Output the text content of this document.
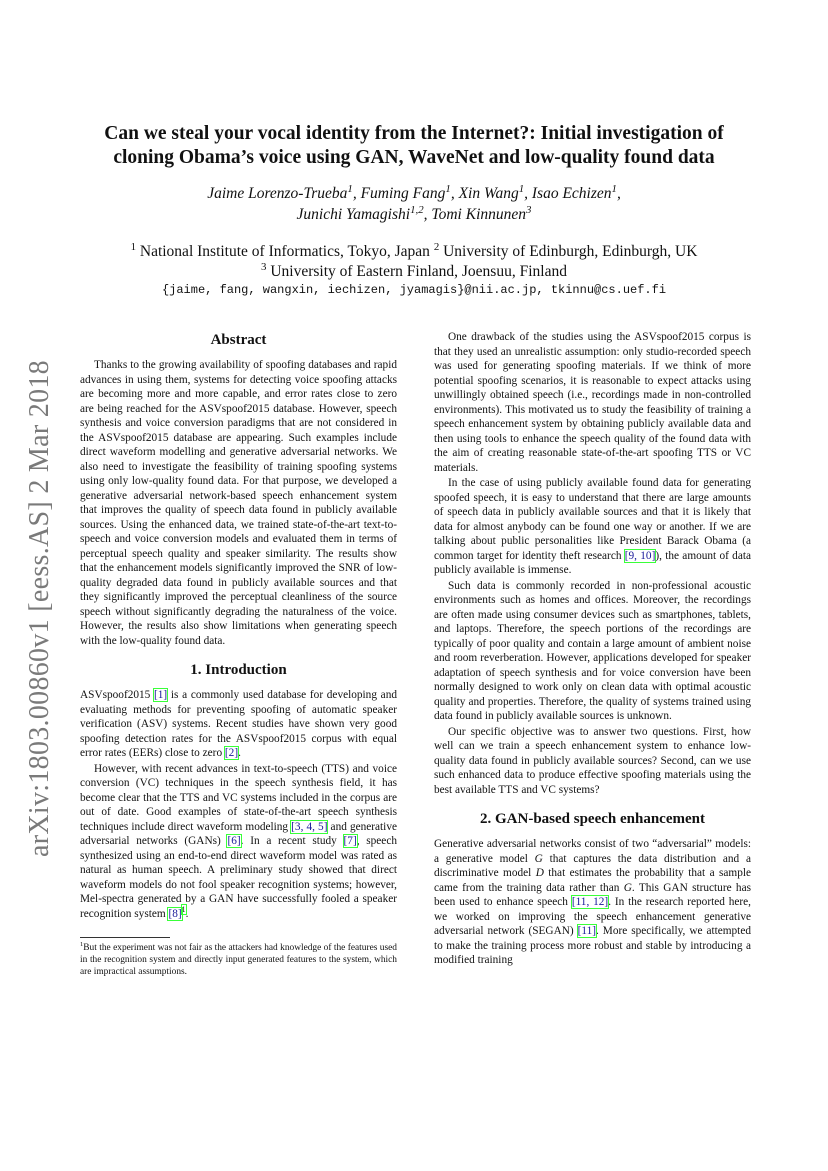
arXiv:1803.00860v1 [eess.AS] 2 Mar 2018
Can we steal your vocal identity from the Internet?: Initial investigation of
cloning Obama’s voice using GAN, WaveNet and low-quality found data
Jaime Lorenzo-Trueba$^1$, Fuming Fang$^1$, Xin Wang$^1$, Isao Echizen$^1$,
Junichi Yamagishi$^{1,2}$, Tomi Kinnunen$^3$
$^1$ National Institute of Informatics, Tokyo, Japan $^2$ University of Edinburgh, Edinburgh, UK
$^3$ University of Eastern Finland, Joensuu, Finland
{jaime, fang, wangxin, iechizen, jyamagis}@nii.ac.jp, tkinnu@cs.uef.fi
Abstract

Thanks to the growing availability of spoofing databases and rapid advances in using them, systems for detecting voice spoofing attacks are becoming more and more capable, and error rates close to zero are being reached for the ASVspoof2015 database. However, speech synthesis and voice conversion paradigms that are not considered in the ASVspoof2015 database are appearing. Such examples include direct waveform modelling and generative adversarial networks. We also need to investigate the feasibility of training spoofing systems using only low-quality found data. For that purpose, we developed a generative adversarial network-based speech enhancement system that improves the quality of speech data found in publicly available sources. Using the enhanced data, we trained state-of-the-art text-to-speech and voice conversion models and evaluated them in terms of perceptual speech quality and speaker similarity. The results show that the enhancement models significantly improved the SNR of low-quality degraded data found in publicly available sources and that they significantly improved the perceptual cleanliness of the source speech without significantly degrading the naturalness of the voice. However, the results also show limitations when generating speech with the low-quality found data.

1. Introduction

ASVspoof2015 [1] is a commonly used database for developing and evaluating methods for preventing spoofing of automatic speaker verification (ASV) systems. Recent studies have shown very good spoofing detection rates for the ASVspoof2015 corpus with equal error rates (EERs) close to zero [2].

However, with recent advances in text-to-speech (TTS) and voice conversion (VC) techniques in the speech synthesis field, it has become clear that the TTS and VC systems included in the corpus are out of date. Good examples of state-of-the-art speech synthesis techniques include direct waveform modeling [3, 4, 5] and generative adversarial networks (GANs) [6]. In a recent study [7], speech synthesized using an end-to-end direct waveform model was rated as natural as human speech. A preliminary study showed that direct waveform models do not fool speaker recognition systems; however, Mel-spectra generated by a GAN have successfully fooled a speaker recognition system [8]$^1$.

$^1$But the experiment was not fair as the attackers had knowledge of the features used in the recognition system and directly input generated features to the system, which are impractical assumptions.

One drawback of the studies using the ASVspoof2015 corpus is that they used an unrealistic assumption: only studio-recorded speech was used for generating spoofing materials. If we think of more potential spoofing scenarios, it is reasonable to expect attacks using unwillingly obtained speech (i.e., recordings made in non-controlled environments). This motivated us to study the feasibility of training a speech enhancement system by obtaining publicly available data and then using tools to enhance the speech quality of the found data with the aim of creating reasonable state-of-the-art spoofing TTS or VC materials.

In the case of using publicly available found data for generating spoofed speech, it is easy to understand that there are large amounts of speech data in publicly available sources and that it is likely that data for almost anybody can be found one way or another. If we are talking about public personalities like President Barack Obama (a common target for identity theft research [9, 10]), the amount of data publicly available is immense.

Such data is commonly recorded in non-professional acoustic environments such as homes and offices. Moreover, the recordings are often made using consumer devices such as smartphones, tablets, and laptops. Therefore, the speech portions of the recordings are typically of poor quality and contain a large amount of ambient noise and room reverberation. However, applications developed for speaker adaptation of speech synthesis and for voice conversion have been normally designed to work only on clean data with optimal acoustic quality and properties. Therefore, the quality of systems trained using data found in publicly available sources is unknown.

Our specific objective was to answer two questions. First, how well can we train a speech enhancement system to enhance low-quality data found in publicly available sources? Second, can we use such enhanced data to produce effective spoofing materials using the best available TTS and VC systems?

2. GAN-based speech enhancement

Generative adversarial networks consist of two “adversarial” models: a generative model G that captures the data distribution and a discriminative model D that estimates the probability that a sample came from the training data rather than G. This GAN structure has been used to enhance speech [11, 12]. In the research reported here, we worked on improving the speech enhancement generative adversarial network (SEGAN) [11]. More specifically, we attempted to make the training process more robust and stable by introducing a modified training
